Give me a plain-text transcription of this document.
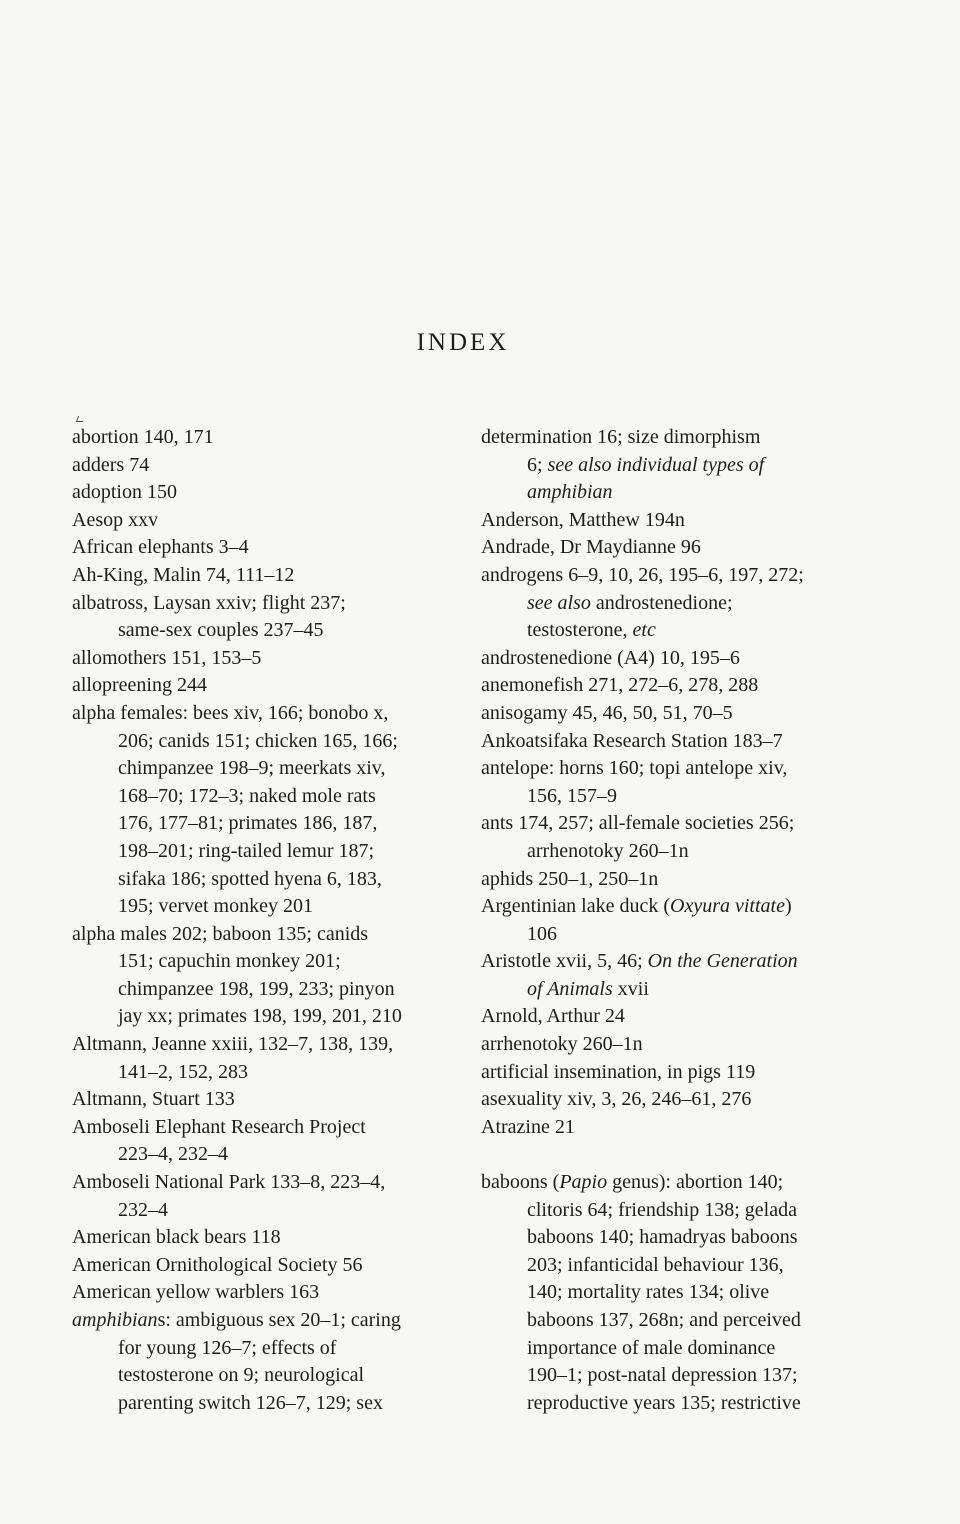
INDEX
abortion 140, 171
adders 74
adoption 150
Aesop xxv
African elephants 3–4
Ah-King, Malin 74, 111–12
albatross, Laysan xxiv; flight 237;
same-sex couples 237–45
allomothers 151, 153–5
allopreening 244
alpha females: bees xiv, 166; bonobo x,
206; canids 151; chicken 165, 166;
chimpanzee 198–9; meerkats xiv,
168–70; 172–3; naked mole rats
176, 177–81; primates 186, 187,
198–201; ring-tailed lemur 187;
sifaka 186; spotted hyena 6, 183,
195; vervet monkey 201
alpha males 202; baboon 135; canids
151; capuchin monkey 201;
chimpanzee 198, 199, 233; pinyon
jay xx; primates 198, 199, 201, 210
Altmann, Jeanne xxiii, 132–7, 138, 139,
141–2, 152, 283
Altmann, Stuart 133
Amboseli Elephant Research Project
223–4, 232–4
Amboseli National Park 133–8, 223–4,
232–4
American black bears 118
American Ornithological Society 56
American yellow warblers 163
amphibians: ambiguous sex 20–1; caring
for young 126–7; effects of
testosterone on 9; neurological
parenting switch 126–7, 129; sex
determination 16; size dimorphism
6; see also individual types of
amphibian
Anderson, Matthew 194n
Andrade, Dr Maydianne 96
androgens 6–9, 10, 26, 195–6, 197, 272;
see also androstenedione;
testosterone, etc
androstenedione (A4) 10, 195–6
anemonefish 271, 272–6, 278, 288
anisogamy 45, 46, 50, 51, 70–5
Ankoatsifaka Research Station 183–7
antelope: horns 160; topi antelope xiv,
156, 157–9
ants 174, 257; all-female societies 256;
arrhenotoky 260–1n
aphids 250–1, 250–1n
Argentinian lake duck (Oxyura vittate)
106
Aristotle xvii, 5, 46; On the Generation
of Animals xvii
Arnold, Arthur 24
arrhenotoky 260–1n
artificial insemination, in pigs 119
asexuality xiv, 3, 26, 246–61, 276
Atrazine 21
baboons (Papio genus): abortion 140;
clitoris 64; friendship 138; gelada
baboons 140; hamadryas baboons
203; infanticidal behaviour 136,
140; mortality rates 134; olive
baboons 137, 268n; and perceived
importance of male dominance
190–1; post-natal depression 137;
reproductive years 135; restrictive
